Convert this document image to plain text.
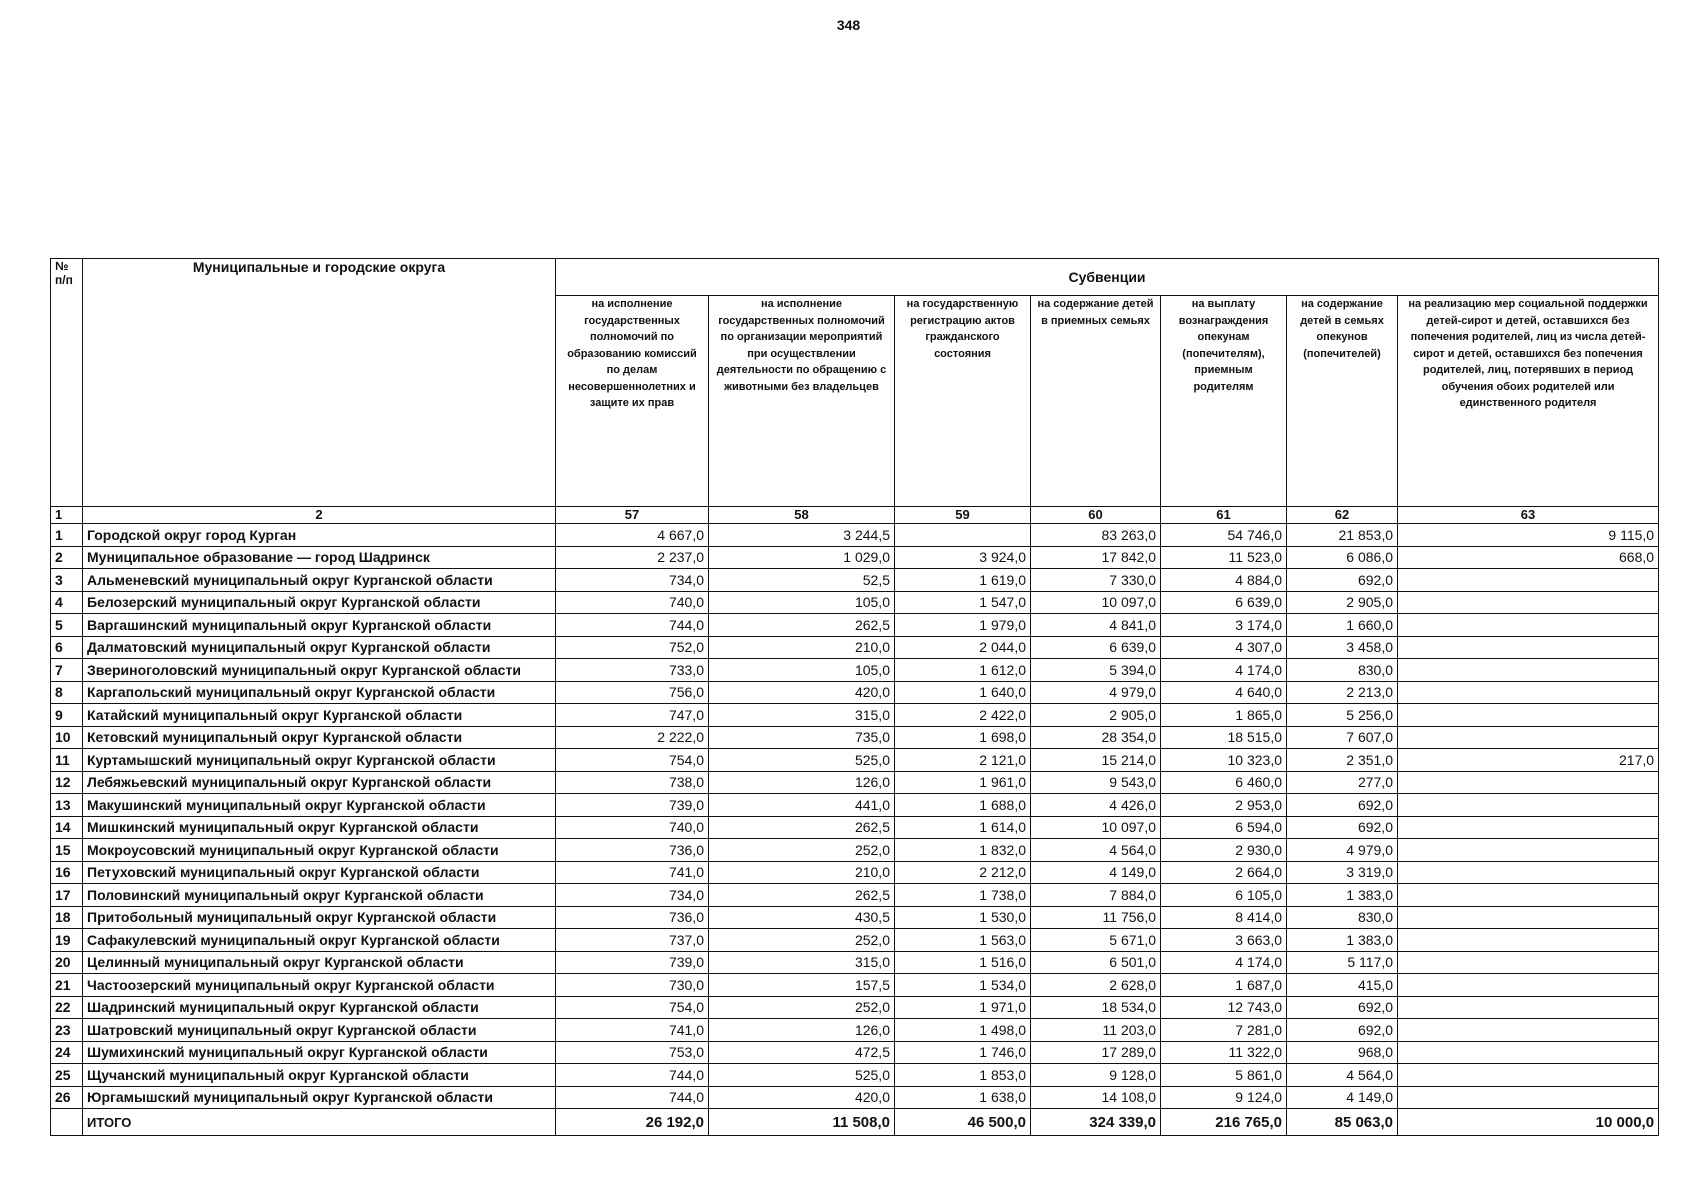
348
№ п/п	Муниципальные и городские округа	Субвенции						
		на исполнение государственных полномочий по образованию комиссий по делам несовершеннолетних и защите их прав	на исполнение государственных полномочий по организации мероприятий при осуществлении деятельности по обращению с животными без владельцев	на государственную регистрацию актов гражданского состояния	на содержание детей в приемных семьях	на выплату вознаграждения опекунам (попечителям), приемным родителям	на содержание детей в семьях опекунов (попечителей)	на реализацию мер социальной поддержки детей-сирот и детей, оставшихся без попечения родителей, лиц из числа детей-сирот и детей, оставшихся без попечения родителей, лиц, потерявших в период обучения обоих родителей или единственного родителя
1	2	57	58	59	60	61	62	63
1	Городской округ город Курган	4 667,0	3 244,5		83 263,0	54 746,0	21 853,0	9 115,0
2	Муниципальное образование — город Шадринск	2 237,0	1 029,0	3 924,0	17 842,0	11 523,0	6 086,0	668,0
3	Альменевский муниципальный округ Курганской области	734,0	52,5	1 619,0	7 330,0	4 884,0	692,0	
4	Белозерский муниципальный округ Курганской области	740,0	105,0	1 547,0	10 097,0	6 639,0	2 905,0	
5	Варгашинский муниципальный округ Курганской области	744,0	262,5	1 979,0	4 841,0	3 174,0	1 660,0	
6	Далматовский муниципальный округ Курганской области	752,0	210,0	2 044,0	6 639,0	4 307,0	3 458,0	
7	Звериноголовский муниципальный округ Курганской области	733,0	105,0	1 612,0	5 394,0	4 174,0	830,0	
8	Каргапольский муниципальный округ Курганской области	756,0	420,0	1 640,0	4 979,0	4 640,0	2 213,0	
9	Катайский муниципальный округ Курганской области	747,0	315,0	2 422,0	2 905,0	1 865,0	5 256,0	
10	Кетовский муниципальный округ Курганской области	2 222,0	735,0	1 698,0	28 354,0	18 515,0	7 607,0	
11	Куртамышский муниципальный округ Курганской области	754,0	525,0	2 121,0	15 214,0	10 323,0	2 351,0	217,0
12	Лебяжьевский муниципальный округ Курганской области	738,0	126,0	1 961,0	9 543,0	6 460,0	277,0	
13	Макушинский муниципальный округ Курганской области	739,0	441,0	1 688,0	4 426,0	2 953,0	692,0	
14	Мишкинский муниципальный округ Курганской области	740,0	262,5	1 614,0	10 097,0	6 594,0	692,0	
15	Мокроусовский муниципальный округ Курганской области	736,0	252,0	1 832,0	4 564,0	2 930,0	4 979,0	
16	Петуховский муниципальный округ Курганской области	741,0	210,0	2 212,0	4 149,0	2 664,0	3 319,0	
17	Половинский муниципальный округ Курганской области	734,0	262,5	1 738,0	7 884,0	6 105,0	1 383,0	
18	Притобольный муниципальный округ Курганской области	736,0	430,5	1 530,0	11 756,0	8 414,0	830,0	
19	Сафакулевский муниципальный округ Курганской области	737,0	252,0	1 563,0	5 671,0	3 663,0	1 383,0	
20	Целинный муниципальный округ Курганской области	739,0	315,0	1 516,0	6 501,0	4 174,0	5 117,0	
21	Частоозерский муниципальный округ Курганской области	730,0	157,5	1 534,0	2 628,0	1 687,0	415,0	
22	Шадринский муниципальный округ Курганской области	754,0	252,0	1 971,0	18 534,0	12 743,0	692,0	
23	Шатровский муниципальный округ Курганской области	741,0	126,0	1 498,0	11 203,0	7 281,0	692,0	
24	Шумихинский муниципальный округ Курганской области	753,0	472,5	1 746,0	17 289,0	11 322,0	968,0	
25	Щучанский муниципальный округ Курганской области	744,0	525,0	1 853,0	9 128,0	5 861,0	4 564,0	
26	Юргамышский муниципальный округ Курганской области	744,0	420,0	1 638,0	14 108,0	9 124,0	4 149,0	
	ИТОГО	26 192,0	11 508,0	46 500,0	324 339,0	216 765,0	85 063,0	10 000,0
